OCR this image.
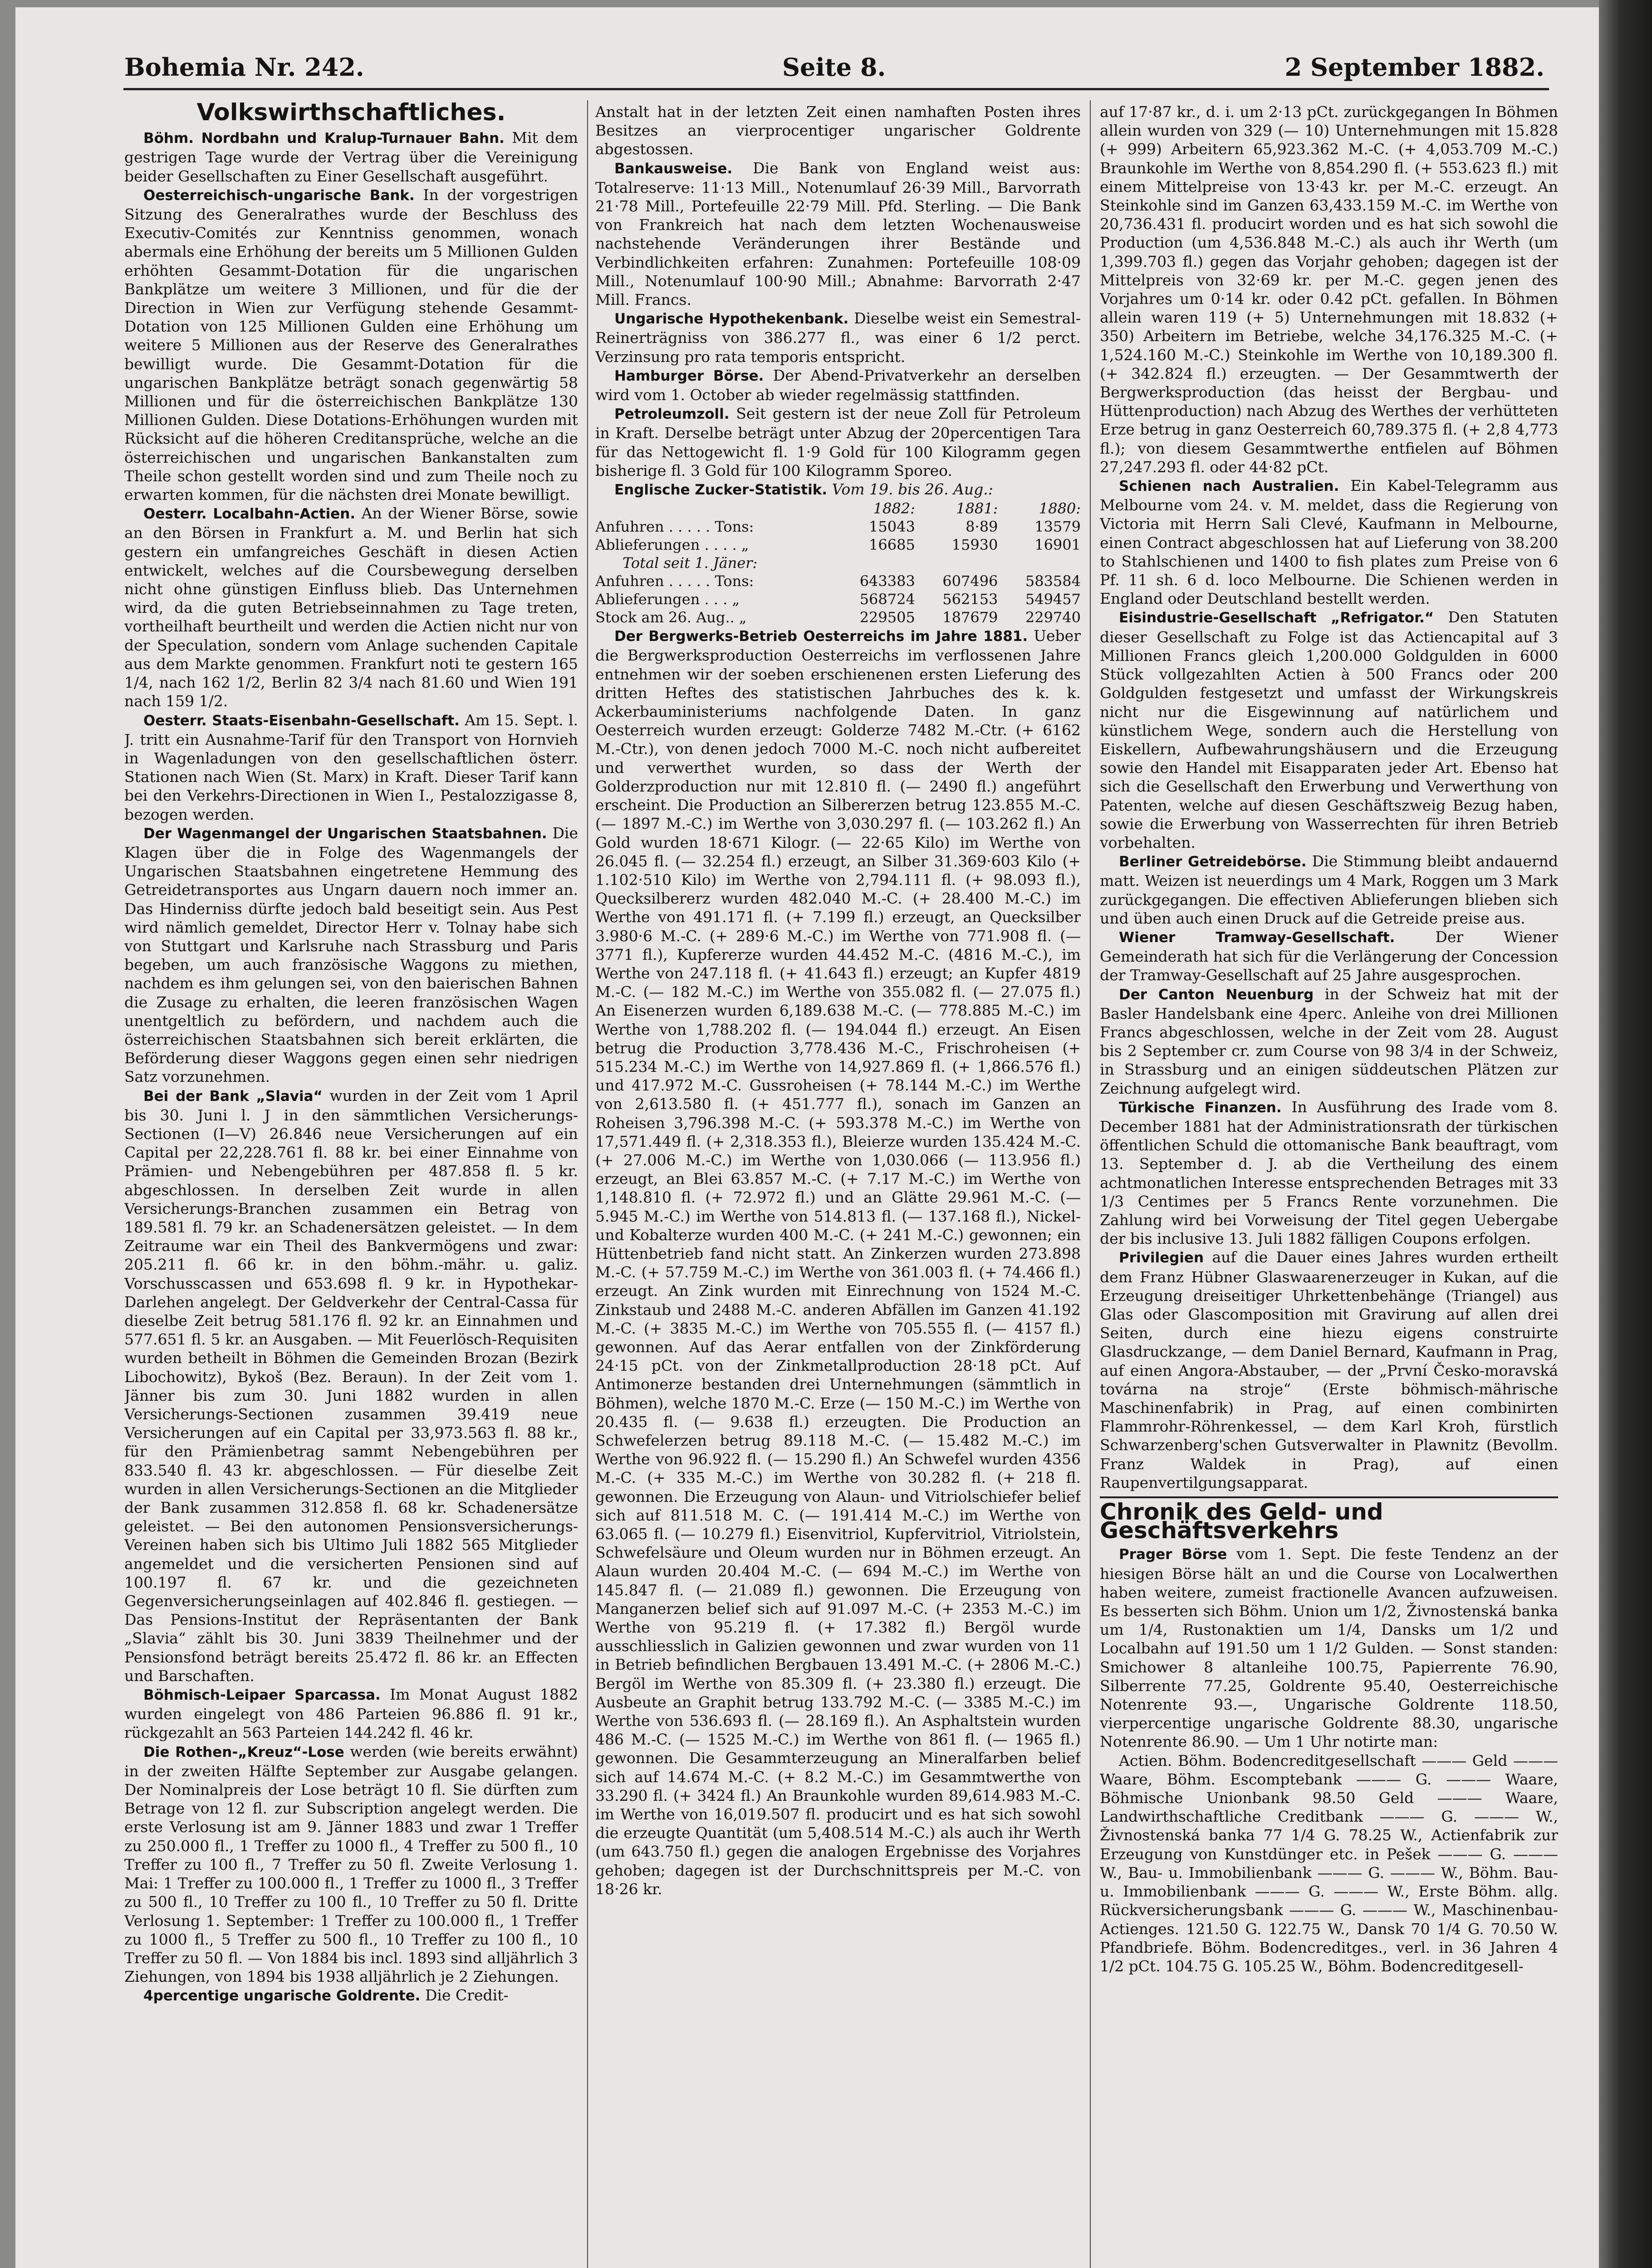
Bohemia Nr. 242.	Seite 8.	2 September 1882.
Volkswirthschaftliches.

Böhm. Nordbahn und Kralup-Turnauer Bahn. Mit dem gestrigen Tage wurde der Vertrag über die Vereinigung beider Gesellschaften zu Einer Gesellschaft ausgeführt.

Oesterreichisch-ungarische Bank. In der vorgestrigen Sitzung des Generalrathes wurde der Beschluss des Executiv-Comités zur Kenntniss genommen, wonach abermals eine Erhöhung der bereits um 5 Millionen Gulden erhöhten Gesammt-Dotation für die ungarischen Bankplätze um weitere 3 Millionen, und für die der Direction in Wien zur Verfügung stehende Gesammt-Dotation von 125 Millionen Gulden eine Erhöhung um weitere 5 Millionen aus der Reserve des Generalrathes bewilligt wurde. Die Gesammt-Dotation für die ungarischen Bankplätze beträgt sonach gegenwärtig 58 Millionen und für die österreichischen Bankplätze 130 Millionen Gulden. Diese Dotations-Erhöhungen wurden mit Rücksicht auf die höheren Creditansprüche, welche an die österreichischen und ungarischen Bankanstalten zum Theile schon gestellt worden sind und zum Theile noch zu erwarten kommen, für die nächsten drei Monate bewilligt.

Oesterr. Localbahn-Actien. An der Wiener Börse, sowie an den Börsen in Frankfurt a. M. und Berlin hat sich gestern ein umfangreiches Geschäft in diesen Actien entwickelt, welches auf die Coursbewegung derselben nicht ohne günstigen Einfluss blieb. Das Unternehmen wird, da die guten Betriebseinnahmen zu Tage treten, vortheilhaft beurtheilt und werden die Actien nicht nur von der Speculation, sondern vom Anlage suchenden Capitale aus dem Markte genommen. Frankfurt noti te gestern 165 1/4, nach 162 1/2, Berlin 82 3/4 nach 81.60 und Wien 191 nach 159 1/2.

Oesterr. Staats-Eisenbahn-Gesellschaft. Am 15. Sept. l. J. tritt ein Ausnahme-Tarif für den Transport von Hornvieh in Wagenladungen von den gesellschaftlichen österr. Stationen nach Wien (St. Marx) in Kraft. Dieser Tarif kann bei den Verkehrs-Directionen in Wien I., Pestalozzigasse 8, bezogen werden.

Der Wagenmangel der Ungarischen Staatsbahnen. Die Klagen über die in Folge des Wagenmangels der Ungarischen Staatsbahnen eingetretene Hemmung des Getreidetransportes aus Ungarn dauern noch immer an. Das Hinderniss dürfte jedoch bald beseitigt sein. Aus Pest wird nämlich gemeldet, Director Herr v. Tolnay habe sich von Stuttgart und Karlsruhe nach Strassburg und Paris begeben, um auch französische Waggons zu miethen, nachdem es ihm gelungen sei, von den baierischen Bahnen die Zusage zu erhalten, die leeren französischen Wagen unentgeltlich zu befördern, und nachdem auch die österreichischen Staatsbahnen sich bereit erklärten, die Beförderung dieser Waggons gegen einen sehr niedrigen Satz vorzunehmen.

Bei der Bank „Slavia“ wurden in der Zeit vom 1 April bis 30. Juni l. J in den sämmtlichen Versicherungs-Sectionen (I—V) 26.846 neue Versicherungen auf ein Capital per 22,228.761 fl. 88 kr. bei einer Einnahme von Prämien- und Nebengebühren per 487.858 fl. 5 kr. abgeschlossen. In derselben Zeit wurde in allen Versicherungs-Branchen zusammen ein Betrag von 189.581 fl. 79 kr. an Schadenersätzen geleistet. — In dem Zeitraume war ein Theil des Bankvermögens und zwar: 205.211 fl. 66 kr. in den böhm.-mähr. u. galiz. Vorschusscassen und 653.698 fl. 9 kr. in Hypothekar-Darlehen angelegt. Der Geldverkehr der Central-Cassa für dieselbe Zeit betrug 581.176 fl. 92 kr. an Einnahmen und 577.651 fl. 5 kr. an Ausgaben. — Mit Feuerlösch-Requisiten wurden betheilt in Böhmen die Gemeinden Brozan (Bezirk Libochowitz), Bykoš (Bez. Beraun). In der Zeit vom 1. Jänner bis zum 30. Juni 1882 wurden in allen Versicherungs-Sectionen zusammen 39.419 neue Versicherungen auf ein Capital per 33,973.563 fl. 88 kr., für den Prämienbetrag sammt Nebengebühren per 833.540 fl. 43 kr. abgeschlossen. — Für dieselbe Zeit wurden in allen Versicherungs-Sectionen an die Mitglieder der Bank zusammen 312.858 fl. 68 kr. Schadenersätze geleistet. — Bei den autonomen Pensionsversicherungs-Vereinen haben sich bis Ultimo Juli 1882 565 Mitglieder angemeldet und die versicherten Pensionen sind auf 100.197 fl. 67 kr. und die gezeichneten Gegenversicherungseinlagen auf 402.846 fl. gestiegen. — Das Pensions-Institut der Repräsentanten der Bank „Slavia“ zählt bis 30. Juni 3839 Theilnehmer und der Pensionsfond beträgt bereits 25.472 fl. 86 kr. an Effecten und Barschaften.

Böhmisch-Leipaer Sparcassa. Im Monat August 1882 wurden eingelegt von 486 Parteien 96.886 fl. 91 kr., rückgezahlt an 563 Parteien 144.242 fl. 46 kr.

Die Rothen-„Kreuz“-Lose werden (wie bereits erwähnt) in der zweiten Hälfte September zur Ausgabe gelangen. Der Nominalpreis der Lose beträgt 10 fl. Sie dürften zum Betrage von 12 fl. zur Subscription angelegt werden. Die erste Verlosung ist am 9. Jänner 1883 und zwar 1 Treffer zu 250.000 fl., 1 Treffer zu 1000 fl., 4 Treffer zu 500 fl., 10 Treffer zu 100 fl., 7 Treffer zu 50 fl. Zweite Verlosung 1. Mai: 1 Treffer zu 100.000 fl., 1 Treffer zu 1000 fl., 3 Treffer zu 500 fl., 10 Treffer zu 100 fl., 10 Treffer zu 50 fl. Dritte Verlosung 1. September: 1 Treffer zu 100.000 fl., 1 Treffer zu 1000 fl., 5 Treffer zu 500 fl., 10 Treffer zu 100 fl., 10 Treffer zu 50 fl. — Von 1884 bis incl. 1893 sind alljährlich 3 Ziehungen, von 1894 bis 1938 alljährlich je 2 Ziehungen.

4percentige ungarische Goldrente. Die Credit-

Anstalt hat in der letzten Zeit einen namhaften Posten ihres Besitzes an vierprocentiger ungarischer Goldrente abgestossen.

Bankausweise. Die Bank von England weist aus: Totalreserve: 11·13 Mill., Notenumlauf 26·39 Mill., Barvorrath 21·78 Mill., Portefeuille 22·79 Mill. Pfd. Sterling. — Die Bank von Frankreich hat nach dem letzten Wochenausweise nachstehende Veränderungen ihrer Bestände und Verbindlichkeiten erfahren: Zunahmen: Portefeuille 108·09 Mill., Notenumlauf 100·90 Mill.; Abnahme: Barvorrath 2·47 Mill. Francs.

Ungarische Hypothekenbank. Dieselbe weist ein Semestral-Reinerträgniss von 386.277 fl., was einer 6 1/2 perct. Verzinsung pro rata temporis entspricht.

Hamburger Börse. Der Abend-Privatverkehr an derselben wird vom 1. October ab wieder regelmässig stattfinden.

Petroleumzoll. Seit gestern ist der neue Zoll für Petroleum in Kraft. Derselbe beträgt unter Abzug der 20percentigen Tara für das Nettogewicht fl. 1·9 Gold für 100 Kilogramm gegen bisherige fl. 3 Gold für 100 Kilogramm Sporeo.

Englische Zucker-Statistik. Vom 19. bis 26. Aug.:

	1882:	1881:	1880:
Anfuhren . . . . . Tons:	15043	8·89	13579
Ablieferungen . . . . „	16685	15930	16901
Total seit 1. Jäner:			
Anfuhren . . . . . Tons:	643383	607496	583584
Ablieferungen . . . „	568724	562153	549457
Stock am 26. Aug.. „	229505	187679	229740

Der Bergwerks-Betrieb Oesterreichs im Jahre 1881. Ueber die Bergwerksproduction Oesterreichs im verflossenen Jahre entnehmen wir der soeben erschienenen ersten Lieferung des dritten Heftes des statistischen Jahrbuches des k. k. Ackerbauministeriums nachfolgende Daten. In ganz Oesterreich wurden erzeugt: Golderze 7482 M.-Ctr. (+ 6162 M.-Ctr.), von denen jedoch 7000 M.-C. noch nicht aufbereitet und verwerthet wurden, so dass der Werth der Golderzproduction nur mit 12.810 fl. (— 2490 fl.) angeführt erscheint. Die Production an Silbererzen betrug 123.855 M.-C. (— 1897 M.-C.) im Werthe von 3,030.297 fl. (— 103.262 fl.) An Gold wurden 18·671 Kilogr. (— 22·65 Kilo) im Werthe von 26.045 fl. (— 32.254 fl.) erzeugt, an Silber 31.369·603 Kilo (+ 1.102·510 Kilo) im Werthe von 2,794.111 fl. (+ 98.093 fl.), Quecksilbererz wurden 482.040 M.-C. (+ 28.400 M.-C.) im Werthe von 491.171 fl. (+ 7.199 fl.) erzeugt, an Quecksilber 3.980·6 M.-C. (+ 289·6 M.-C.) im Werthe von 771.908 fl. (— 3771 fl.), Kupfererze wurden 44.452 M.-C. (4816 M.-C.), im Werthe von 247.118 fl. (+ 41.643 fl.) erzeugt; an Kupfer 4819 M.-C. (— 182 M.-C.) im Werthe von 355.082 fl. (— 27.075 fl.) An Eisenerzen wurden 6,189.638 M.-C. (— 778.885 M.-C.) im Werthe von 1,788.202 fl. (— 194.044 fl.) erzeugt. An Eisen betrug die Production 3,778.436 M.-C., Frischroheisen (+ 515.234 M.-C.) im Werthe von 14,927.869 fl. (+ 1,866.576 fl.) und 417.972 M.-C. Gussroheisen (+ 78.144 M.-C.) im Werthe von 2,613.580 fl. (+ 451.777 fl.), sonach im Ganzen an Roheisen 3,796.398 M.-C. (+ 593.378 M.-C.) im Werthe von 17,571.449 fl. (+ 2,318.353 fl.), Bleierze wurden 135.424 M.-C. (+ 27.006 M.-C.) im Werthe von 1,030.066 (— 113.956 fl.) erzeugt, an Blei 63.857 M.-C. (+ 7.17 M.-C.) im Werthe von 1,148.810 fl. (+ 72.972 fl.) und an Glätte 29.961 M.-C. (— 5.945 M.-C.) im Werthe von 514.813 fl. (— 137.168 fl.), Nickel- und Kobalterze wurden 400 M.-C. (+ 241 M.-C.) gewonnen; ein Hüttenbetrieb fand nicht statt. An Zinkerzen wurden 273.898 M.-C. (+ 57.759 M.-C.) im Werthe von 361.003 fl. (+ 74.466 fl.) erzeugt. An Zink wurden mit Einrechnung von 1524 M.-C. Zinkstaub und 2488 M.-C. anderen Abfällen im Ganzen 41.192 M.-C. (+ 3835 M.-C.) im Werthe von 705.555 fl. (— 4157 fl.) gewonnen. Auf das Aerar entfallen von der Zinkförderung 24·15 pCt. von der Zinkmetallproduction 28·18 pCt. Auf Antimonerze bestanden drei Unternehmungen (sämmtlich in Böhmen), welche 1870 M.-C. Erze (— 150 M.-C.) im Werthe von 20.435 fl. (— 9.638 fl.) erzeugten. Die Production an Schwefelerzen betrug 89.118 M.-C. (— 15.482 M.-C.) im Werthe von 96.922 fl. (— 15.290 fl.) An Schwefel wurden 4356 M.-C. (+ 335 M.-C.) im Werthe von 30.282 fl. (+ 218 fl. gewonnen. Die Erzeugung von Alaun- und Vitriolschiefer belief sich auf 811.518 M. C. (— 191.414 M.-C.) im Werthe von 63.065 fl. (— 10.279 fl.) Eisenvitriol, Kupfervitriol, Vitriolstein, Schwefelsäure und Oleum wurden nur in Böhmen erzeugt. An Alaun wurden 20.404 M.-C. (— 694 M.-C.) im Werthe von 145.847 fl. (— 21.089 fl.) gewonnen. Die Erzeugung von Manganerzen belief sich auf 91.097 M.-C. (+ 2353 M.-C.) im Werthe von 95.219 fl. (+ 17.382 fl.) Bergöl wurde ausschliesslich in Galizien gewonnen und zwar wurden von 11 in Betrieb befindlichen Bergbauen 13.491 M.-C. (+ 2806 M.-C.) Bergöl im Werthe von 85.309 fl. (+ 23.380 fl.) erzeugt. Die Ausbeute an Graphit betrug 133.792 M.-C. (— 3385 M.-C.) im Werthe von 536.693 fl. (— 28.169 fl.). An Asphaltstein wurden 486 M.-C. (— 1525 M.-C.) im Werthe von 861 fl. (— 1965 fl.) gewonnen. Die Gesammterzeugung an Mineralfarben belief sich auf 14.674 M.-C. (+ 8.2 M.-C.) im Gesammtwerthe von 33.290 fl. (+ 3424 fl.) An Braunkohle wurden 89,614.983 M.-C. im Werthe von 16,019.507 fl. producirt und es hat sich sowohl die erzeugte Quantität (um 5,408.514 M.-C.) als auch ihr Werth (um 643.750 fl.) gegen die analogen Ergebnisse des Vorjahres gehoben; dagegen ist der Durchschnittspreis per M.-C. von 18·26 kr.

auf 17·87 kr., d. i. um 2·13 pCt. zurückgegangen In Böhmen allein wurden von 329 (— 10) Unternehmungen mit 15.828 (+ 999) Arbeitern 65,923.362 M.-C. (+ 4,053.709 M.-C.) Braunkohle im Werthe von 8,854.290 fl. (+ 553.623 fl.) mit einem Mittelpreise von 13·43 kr. per M.-C. erzeugt. An Steinkohle sind im Ganzen 63,433.159 M.-C. im Werthe von 20,736.431 fl. producirt worden und es hat sich sowohl die Production (um 4,536.848 M.-C.) als auch ihr Werth (um 1,399.703 fl.) gegen das Vorjahr gehoben; dagegen ist der Mittelpreis von 32·69 kr. per M.-C. gegen jenen des Vorjahres um 0·14 kr. oder 0.42 pCt. gefallen. In Böhmen allein waren 119 (+ 5) Unternehmungen mit 18.832 (+ 350) Arbeitern im Betriebe, welche 34,176.325 M.-C. (+ 1,524.160 M.-C.) Steinkohle im Werthe von 10,189.300 fl. (+ 342.824 fl.) erzeugten. — Der Gesammtwerth der Bergwerksproduction (das heisst der Bergbau- und Hüttenproduction) nach Abzug des Werthes der verhütteten Erze betrug in ganz Oesterreich 60,789.375 fl. (+ 2,8 4,773 fl.); von diesem Gesammtwerthe entfielen auf Böhmen 27,247.293 fl. oder 44·82 pCt.

Schienen nach Australien. Ein Kabel-Telegramm aus Melbourne vom 24. v. M. meldet, dass die Regierung von Victoria mit Herrn Sali Clevé, Kaufmann in Melbourne, einen Contract abgeschlossen hat auf Lieferung von 38.200 to Stahlschienen und 1400 to fish plates zum Preise von 6 Pf. 11 sh. 6 d. loco Melbourne. Die Schienen werden in England oder Deutschland bestellt werden.

Eisindustrie-Gesellschaft „Refrigator.“ Den Statuten dieser Gesellschaft zu Folge ist das Actiencapital auf 3 Millionen Francs gleich 1,200.000 Goldgulden in 6000 Stück vollgezahlten Actien à 500 Francs oder 200 Goldgulden festgesetzt und umfasst der Wirkungskreis nicht nur die Eisgewinnung auf natürlichem und künstlichem Wege, sondern auch die Herstellung von Eiskellern, Aufbewahrungshäusern und die Erzeugung sowie den Handel mit Eisapparaten jeder Art. Ebenso hat sich die Gesellschaft den Erwerbung und Verwerthung von Patenten, welche auf diesen Geschäftszweig Bezug haben, sowie die Erwerbung von Wasserrechten für ihren Betrieb vorbehalten.

Berliner Getreidebörse. Die Stimmung bleibt andauernd matt. Weizen ist neuerdings um 4 Mark, Roggen um 3 Mark zurückgegangen. Die effectiven Ablieferungen blieben sich und üben auch einen Druck auf die Getreide preise aus.

Wiener Tramway-Gesellschaft.	Der Wiener Gemeinderath hat sich für die Verlängerung der Concession der Tramway-Gesellschaft auf 25 Jahre ausgesprochen.

Der Canton Neuenburg in der Schweiz hat mit der Basler Handelsbank eine 4perc. Anleihe von drei Millionen Francs abgeschlossen, welche in der Zeit vom 28. August bis 2 September cr. zum Course von 98 3/4 in der Schweiz, in Strassburg und an einigen süddeutschen Plätzen zur Zeichnung aufgelegt wird.

Türkische Finanzen. In Ausführung des Irade vom 8. December 1881 hat der Administrationsrath der türkischen öffentlichen Schuld die ottomanische Bank beauftragt, vom 13. September d. J. ab die Vertheilung des einem achtmonatlichen Interesse entsprechenden Betrages mit 33 1/3 Centimes per 5 Francs Rente vorzunehmen. Die Zahlung wird bei Vorweisung der Titel gegen Uebergabe der bis inclusive 13. Juli 1882 fälligen Coupons erfolgen.

Privilegien auf die Dauer eines Jahres wurden ertheilt dem Franz Hübner Glaswaarenerzeuger in Kukan, auf die Erzeugung dreiseitiger Uhrkettenbehänge (Triangel) aus Glas oder Glascomposition mit Gravirung auf allen drei Seiten, durch eine hiezu eigens construirte Glasdruckzange, — dem Daniel Bernard, Kaufmann in Prag, auf einen Angora-Abstauber, — der „První Česko-moravská továrna na stroje“ (Erste böhmisch-mährische Maschinenfabrik) in Prag, auf einen combinirten Flammrohr-Röhrenkessel, — dem Karl Kroh, fürstlich Schwarzenberg'schen Gutsverwalter in Plawnitz (Bevollm. Franz Waldek in Prag), auf einen Raupenvertilgungsapparat.

Chronik des Geld- und Geschäftsverkehrs

Prager Börse vom 1. Sept. Die feste Tendenz an der hiesigen Börse hält an und die Course von Localwerthen haben weitere, zumeist fractionelle Avancen aufzuweisen. Es besserten sich Böhm. Union um 1/2, Živnostenská banka um 1/4, Rustonaktien um 1/4, Dansks um 1/2 und Localbahn auf 191.50 um 1 1/2 Gulden. — Sonst standen: Smichower 8 altanleihe 100.75, Papierrente 76.90, Silberrente 77.25, Goldrente 95.40, Oesterreichische Notenrente 93.—, Ungarische Goldrente 118.50, vierpercentige ungarische Goldrente 88.30, ungarische Notenrente 86.90. — Um 1 Uhr notirte man:

Actien. Böhm. Bodencreditgesellschaft ——— Geld ——— Waare, Böhm. Escomptebank ——— G. ——— Waare, Böhmische Unionbank 98.50 Geld ——— Waare, Landwirthschaftliche Creditbank ——— G. ——— W., Živnostenská banka 77 1/4 G. 78.25 W., Actienfabrik zur Erzeugung von Kunstdünger etc. in Pešek ——— G. ——— W., Bau- u. Immobilienbank ——— G. ——— W., Böhm. Bau- u. Immobilienbank ——— G. ——— W., Erste Böhm. allg. Rückversicherungsbank ——— G. ——— W., Maschinenbau-Actienges. 121.50 G. 122.75 W., Dansk 70 1/4 G. 70.50 W. Pfandbriefe. Böhm. Bodencreditges., verl. in 36 Jahren 4 1/2 pCt. 104.75 G. 105.25 W., Böhm. Bodencreditgesell-
